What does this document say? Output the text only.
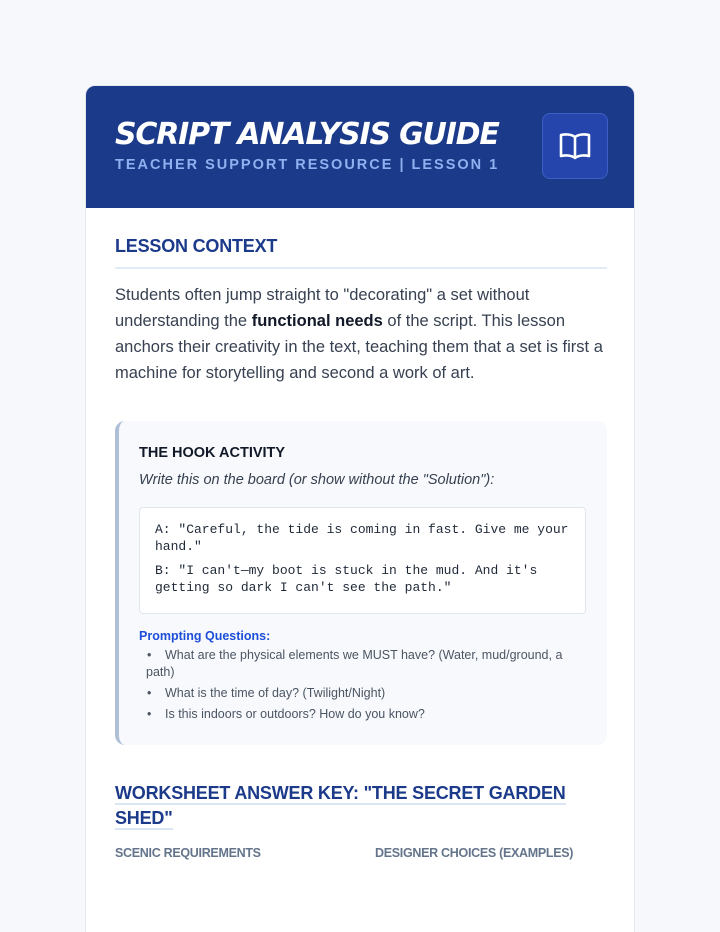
SCRIPT ANALYSIS GUIDE

TEACHER SUPPORT RESOURCE | LESSON 1

LESSON CONTEXT

Students often jump straight to "decorating" a set without understanding the functional needs of the script. This lesson anchors their creativity in the text, teaching them that a set is first a machine for storytelling and second a work of art.

THE HOOK ACTIVITY

Write this on the board (or show without the "Solution"):

A: "Careful, the tide is coming in fast. Give me your hand."

B: "I can't—my boot is stuck in the mud. And it's getting so dark I can't see the path."

Prompting Questions:

• What are the physical elements we MUST have? (Water, mud/ground, a path)
• What is the time of day? (Twilight/Night)
• Is this indoors or outdoors? How do you know?
WORKSHEET ANSWER KEY: "THE SECRET GARDEN
SHED"

SCENIC REQUIREMENTS	DESIGNER CHOICES (EXAMPLES)
